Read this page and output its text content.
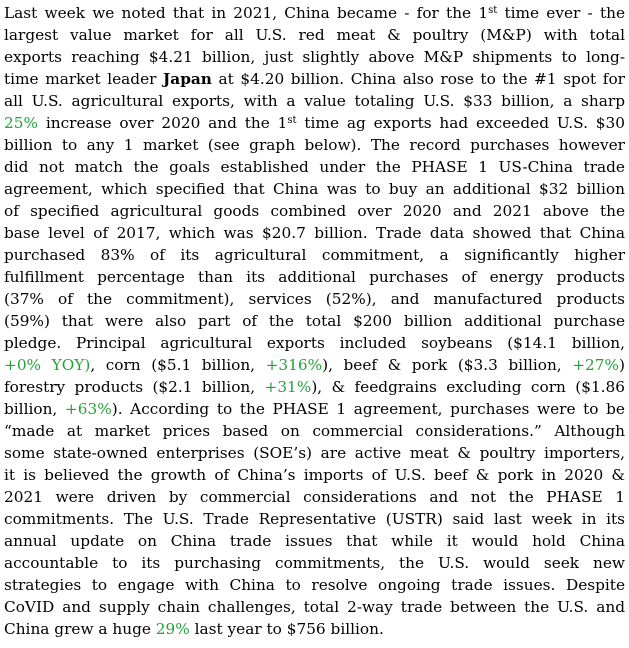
Last week we noted that in 2021, China became - for the 1st time ever - the
largest value market for all U.S. red meat & poultry (M&P) with total
exports reaching $4.21 billion, just slightly above M&P shipments to long-
time market leader Japan at $4.20 billion. China also rose to the #1 spot for
all U.S. agricultural exports, with a value totaling U.S. $33 billion, a sharp
25% increase over 2020 and the 1st time ag exports had exceeded U.S. $30
billion to any 1 market (see graph below). The record purchases however
did not match the goals established under the PHASE 1 US-China trade
agreement, which specified that China was to buy an additional $32 billion
of specified agricultural goods combined over 2020 and 2021 above the
base level of 2017, which was $20.7 billion. Trade data showed that China
purchased 83% of its agricultural commitment, a significantly higher
fulfillment percentage than its additional purchases of energy products
(37% of the commitment), services (52%), and manufactured products
(59%) that were also part of the total $200 billion additional purchase
pledge. Principal agricultural exports included soybeans ($14.1 billion,
+0% YOY), corn ($5.1 billion, +316%), beef & pork ($3.3 billion, +27%)
forestry products ($2.1 billion, +31%), & feedgrains excluding corn ($1.86
billion, +63%). According to the PHASE 1 agreement, purchases were to be
“made at market prices based on commercial considerations.” Although
some state-owned enterprises (SOE’s) are active meat & poultry importers,
it is believed the growth of China’s imports of U.S. beef & pork in 2020 &
2021 were driven by commercial considerations and not the PHASE 1
commitments. The U.S. Trade Representative (USTR) said last week in its
annual update on China trade issues that while it would hold China
accountable to its purchasing commitments, the U.S. would seek new
strategies to engage with China to resolve ongoing trade issues. Despite
CoVID and supply chain challenges, total 2-way trade between the U.S. and
China grew a huge 29% last year to $756 billion.
